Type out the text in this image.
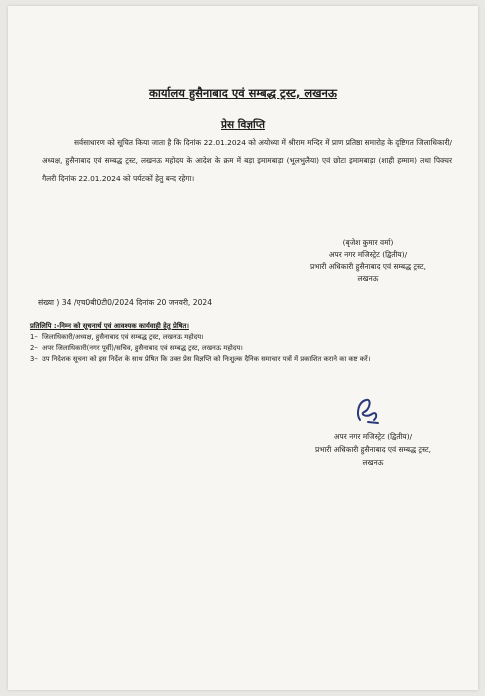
कार्यालय हुसैनाबाद एवं सम्बद्ध ट्रस्ट, लखनऊ
प्रेस विज्ञप्ति
सर्वसाधारण को सूचित किया जाता है कि दिनांक 22.01.2024 को अयोध्या में श्रीराम मन्दिर में प्राण प्रतिष्ठा समारोह के दृष्टिगत जिलाधिकारी/अध्यक्ष, हुसैनाबाद एवं सम्बद्ध ट्रस्ट, लखनऊ महोदय के आदेश के क्रम में बड़ा इमामबाड़ा (भूलभुलैया) एवं छोटा इमामबाड़ा (शाही हम्माम) तथा पिक्चर गैलरी दिनांक 22.01.2024 को पर्यटकों हेतु बन्द रहेगा।
(बृजेश कुमार वर्मा)
अपर नगर मजिस्ट्रेट (द्वितीय)/
प्रभारी अधिकारी हुसैनाबाद एवं सम्बद्ध ट्रस्ट,
लखनऊ
संख्या ) 34 /एच0बी0टी0/2024 दिनांक 20 जनवरी, 2024
प्रतिलिपि :-निम्न को सूचनार्थ एवं आवश्यक कार्यवाही हेतु प्रेषित।
1– जिलाधिकारी/अध्यक्ष, हुसैनाबाद एवं सम्बद्ध ट्रस्ट, लखनऊ महोदय।
2– अपर जिलाधिकारी(नगर पूर्वी)/सचिव, हुसैनाबाद एवं सम्बद्ध ट्रस्ट, लखनऊ महोदय।
3– उप निदेशक सूचना को इस निर्देश के साथ प्रेषित कि उक्त प्रेस विज्ञप्ति को निःशुल्क दैनिक समाचार पत्रों में प्रकाशित कराने का कष्ट करें।
अपर नगर मजिस्ट्रेट (द्वितीय)/
प्रभारी अधिकारी हुसैनाबाद एवं सम्बद्ध ट्रस्ट,
लखनऊ
